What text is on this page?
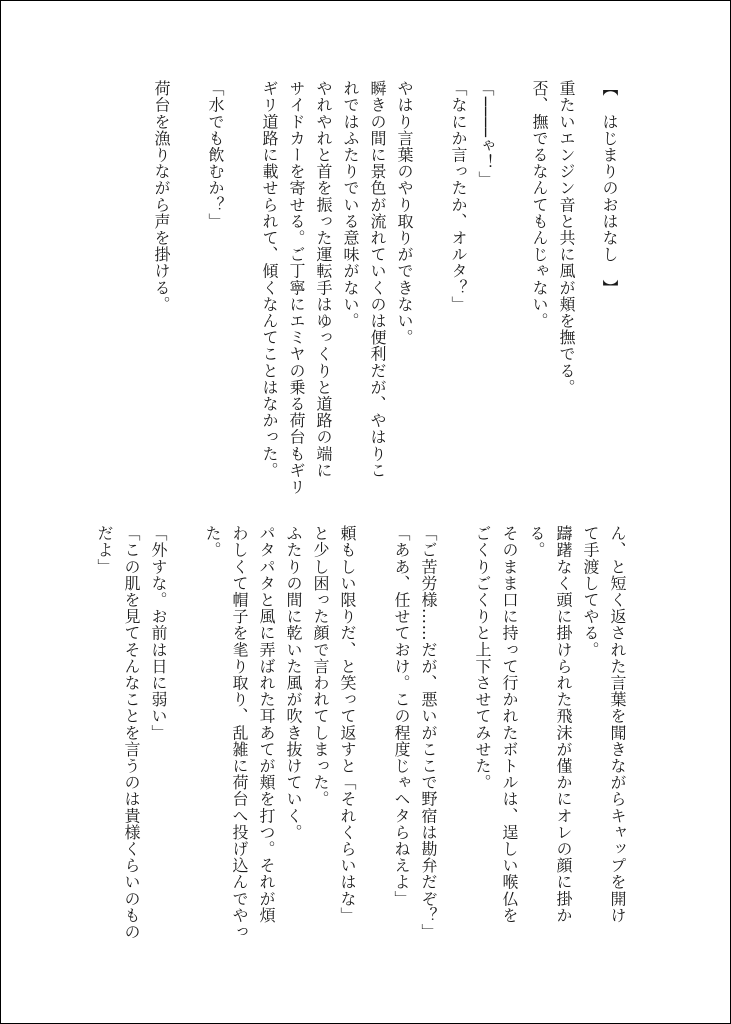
【　はじまりのおはなし　】
重たいエンジン音と共に風が頬を撫でる。
否、撫でるなんてもんじゃない。
「────ゃ！」
「なにか言ったか、オルタ？」
やはり言葉のやり取りができない。
瞬きの間に景色が流れていくのは便利だが、やはりこ
れではふたりでいる意味がない。
やれやれと首を振った運転手はゆっくりと道路の端に
サイドカーを寄せる。ご丁寧にエミヤの乗る荷台もギリ
ギリ道路に載せられて、傾くなんてことはなかった。
「水でも飲むか？」
荷台を漁りながら声を掛ける。
ん、と短く返された言葉を聞きながらキャップを開け
て手渡してやる。
躊躇なく頭に掛けられた飛沫が僅かにオレの顔に掛か
る。
そのまま口に持って行かれたボトルは、逞しい喉仏を
ごくりごくりと上下させてみせた。
「ご苦労様……だが、悪いがここで野宿は勘弁だぞ？」
「ああ、任せておけ。この程度じゃヘタらねえよ」
頼もしい限りだ、と笑って返すと「それくらいはな」
と少し困った顔で言われてしまった。
ふたりの間に乾いた風が吹き抜けていく。
パタパタと風に弄ばれた耳あてが頬を打つ。それが煩
わしくて帽子を毟り取り、乱雑に荷台へ投げ込んでやっ
た。
「外すな。お前は日に弱い」
「この肌を見てそんなことを言うのは貴様くらいのもの
だよ」
